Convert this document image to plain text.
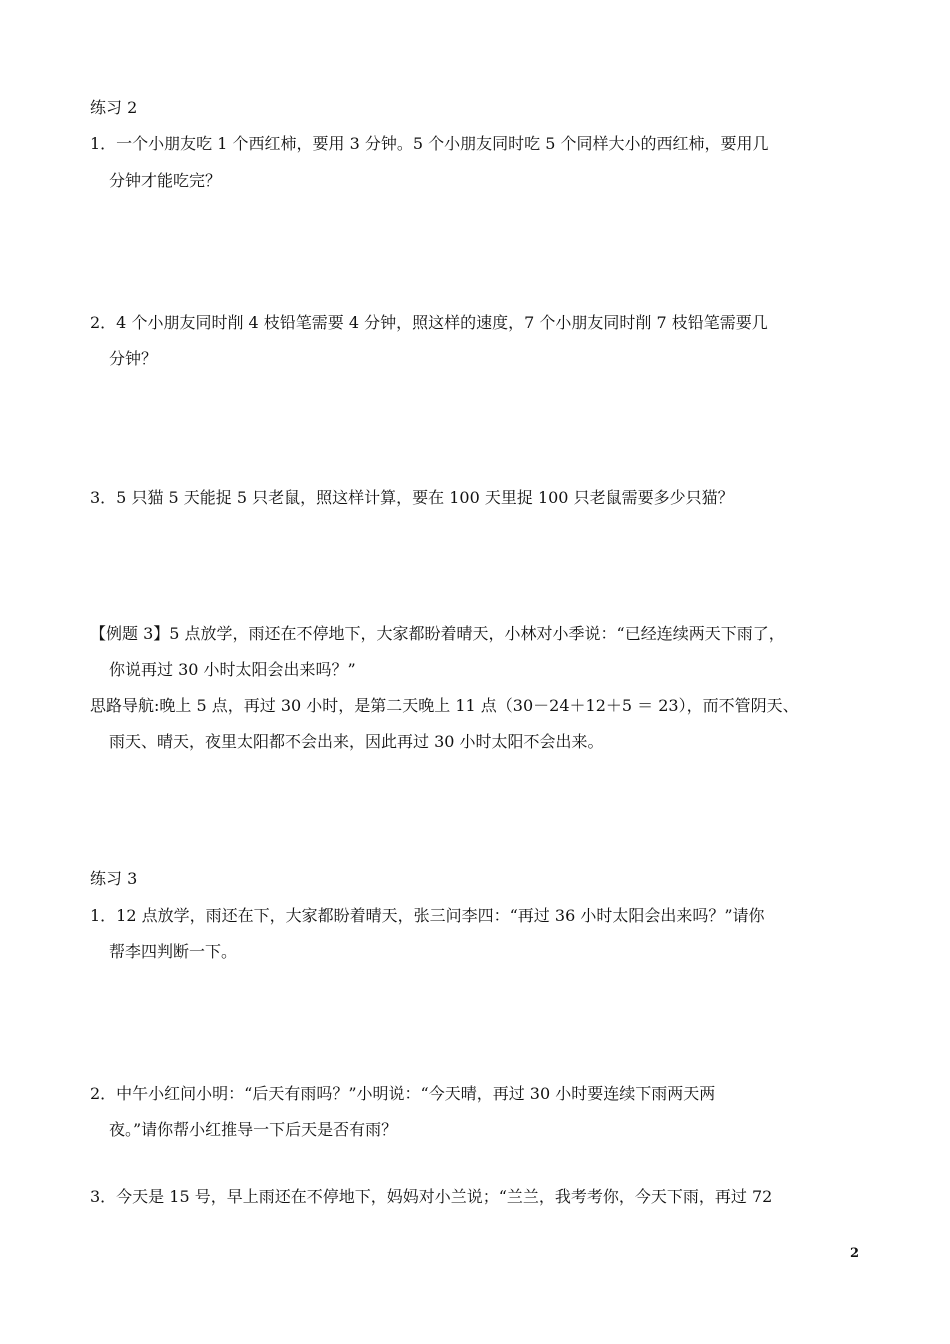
练习 2

1．一个小朋友吃 1 个西红柿，要用 3 分钟。5 个小朋友同时吃 5 个同样大小的西红柿，要用几

分钟才能吃完？

2．4 个小朋友同时削 4 枝铅笔需要 4 分钟，照这样的速度，7 个小朋友同时削 7 枝铅笔需要几

分钟？

3．5 只猫 5 天能捉 5 只老鼠，照这样计算，要在 100 天里捉 100 只老鼠需要多少只猫？

【例题 3】5 点放学，雨还在不停地下，大家都盼着晴天，小林对小季说：“已经连续两天下雨了，

你说再过 30 小时太阳会出来吗？”

思路导航:晚上 5 点，再过 30 小时，是第二天晚上 11 点（30－24＋12＋5 ＝ 23），而不管阴天、

雨天、晴天，夜里太阳都不会出来，因此再过 30 小时太阳不会出来。

练习 3

1．12 点放学，雨还在下，大家都盼着晴天，张三问李四：“再过 36 小时太阳会出来吗？”请你

帮李四判断一下。

2．中午小红问小明：“后天有雨吗？”小明说：“今天晴，再过 30 小时要连续下雨两天两

夜。”请你帮小红推导一下后天是否有雨？

3．今天是 15 号，早上雨还在不停地下，妈妈对小兰说；“兰兰，我考考你，今天下雨，再过 72

2
